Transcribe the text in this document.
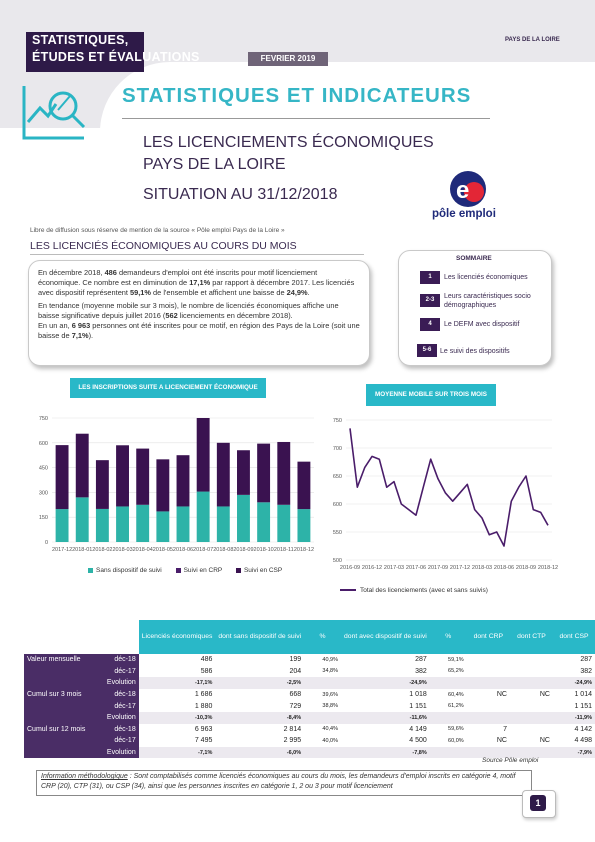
STATISTIQUES,
ÉTUDES ET ÉVALUATIONS	FEVRIER 2019
PAYS DE LA LOIRE
STATISTIQUES ET INDICATEURS
LES LICENCIEMENTS ÉCONOMIQUES
PAYS DE LA LOIRE
SITUATION AU 31/12/2018	e
pôle emploi
Libre de diffusion sous réserve de mention de la source « Pôle emploi Pays de la Loire »
LES LICENCIÉS ÉCONOMIQUES AU COURS DU MOIS
En décembre 2018, 486 demandeurs d'emploi ont été inscrits pour motif licenciement économique. Ce nombre est en diminution de 17,1% par rapport à décembre 2017. Les licenciés avec dispositif représentent 59,1% de l'ensemble et affichent une baisse de 24,9%.
En tendance (moyenne mobile sur 3 mois), le nombre de licenciés économiques affiche une baisse significative depuis juillet 2016 (562 licenciements en décembre 2018).
En un an, 6 963 personnes ont été inscrites pour ce motif, en région des Pays de la Loire (soit une baisse de 7,1%).
SOMMAIRE
1	Les licenciés économiques
2-3	Leurs caractéristiques socio démographiques
4	Le DEFM avec dispositif
5-6	Le suivi des dispositifs
LES INSCRIPTIONS SUITE A LICENCIEMENT ÉCONOMIQUE
MOYENNE MOBILE SUR TROIS MOIS
0
150
300
450
600
750
2017-12 2018-01 2018-02 2018-03 2018-04 2018-05 2018-06 2018-07 2018-08 2018-09 2018-10 2018-11 2018-12
Sans dispositif de suivi	Suivi en CRP	Suivi en CSP
500
550
600
650
700
750
2016-09 2016-12 2017-03 2017-06 2017-09 2017-12 2018-03 2018-06 2018-09 2018-12
Total des licenciements (avec et sans suivis)
		Licenciés économiques	dont sans dispositif de suivi	%	dont avec dispositif de suivi	%	dont CRP	dont CTP	dont CSP
Valeur mensuelle	déc-18	486	199	40,9%	287	59,1%			287
	déc-17	586	204	34,8%	382	65,2%			382
	Evolution	-17,1%	-2,5%		-24,9%				-24,9%
Cumul sur 3 mois	déc-18	1 686	668	39,6%	1 018	60,4%	NC	NC	1 014
	déc-17	1 880	729	38,8%	1 151	61,2%			1 151
	Evolution	-10,3%	-8,4%		-11,6%				-11,9%
Cumul sur 12 mois	déc-18	6 963	2 814	40,4%	4 149	59,6%	7		4 142
	déc-17	7 495	2 995	40,0%	4 500	60,0%	NC	NC	4 498
	Evolution	-7,1%	-6,0%		-7,8%				-7,9%
Source Pôle emploi
Information méthodologique : Sont comptabilisés comme licenciés économiques au cours du mois, les demandeurs d'emploi inscrits en catégorie 4, motif CRP (20), CTP (31), ou CSP (34), ainsi que les personnes inscrites en catégorie 1, 2 ou 3 pour motif licenciement
1
